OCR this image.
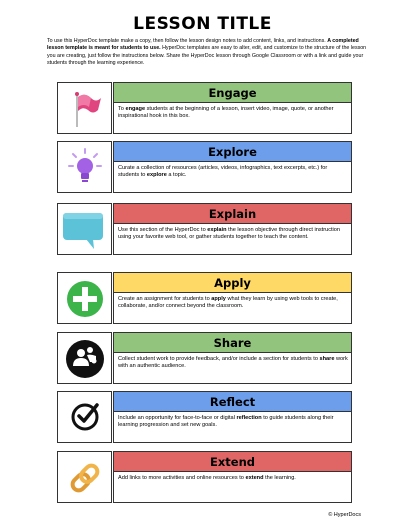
LESSON TITLE
To use this HyperDoc template make a copy, then follow the lesson design notes to add content, links, and instructions. A completed lesson template is meant for students to use. HyperDoc templates are easy to alter, edit, and customize to the structure of the lesson you are creating, just follow the instructions below. Share the HyperDoc lesson through Google Classroom or with a link and guide your students through the learning experience.
Engage
To engage students at the beginning of a lesson, insert video, image, quote, or another inspirational hook in this box.
Explore
Curate a collection of resources (articles, videos, infographics, text excerpts, etc.) for students to explore a topic.
Explain
Use this section of the HyperDoc to explain the lesson objective through direct instruction using your favorite web tool, or gather students together to teach the content.
Apply
Create an assignment for students to apply what they learn by using web tools to create, collaborate, and/or connect beyond the classroom.
Share
Collect student work to provide feedback, and/or include a section for students to share work with an authentic audience.
Reflect
Include an opportunity for face-to-face or digital reflection to guide students along their learning progression and set new goals.
Extend
Add links to more activities and online resources to extend the learning.
© HyperDocs
